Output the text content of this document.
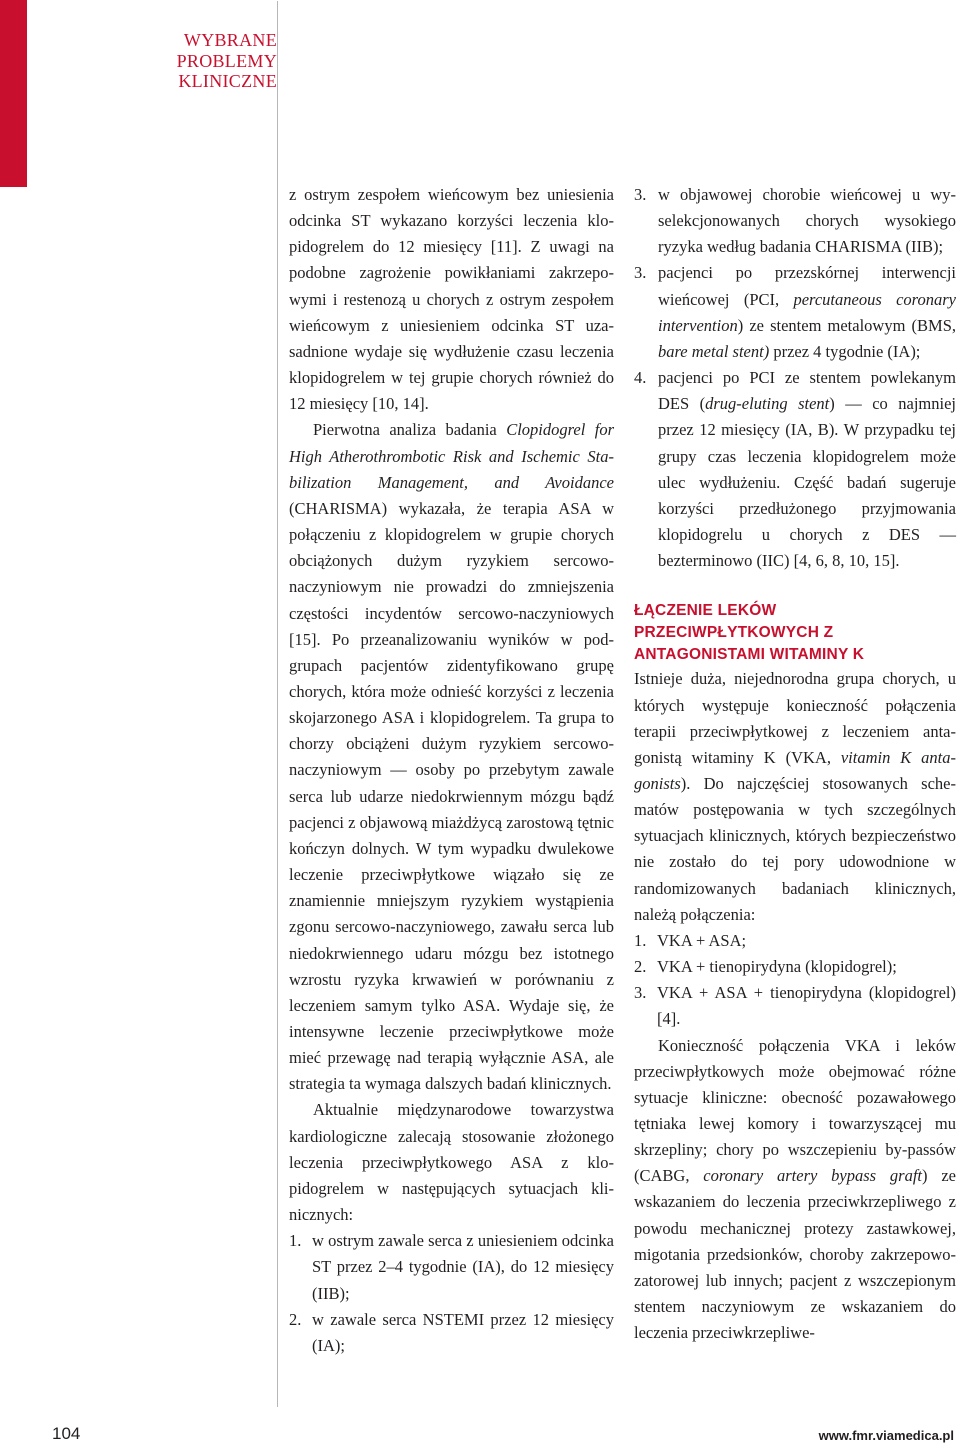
WYBRANE
PROBLEMY
KLINICZNE

z ostrym zespołem wieńcowym bez uniesienia odcinka ST wykazano korzyści leczenia klopidogrelem do 12 miesięcy [11]. Z uwagi na podobne zagrożenie powikłaniami zakrzepowymi i restenozą u chorych z ostrym zespołem wieńcowym z uniesieniem odcinka ST uzasadnione wydaje się wydłużenie czasu leczenia klopidogrelem w tej grupie chorych również do 12 miesięcy [10, 14].

Pierwotna analiza badania Clopidogrel for High Atherothrombotic Risk and Ischemic Stabilization Management, and Avoidance (CHARISMA) wykazała, że terapia ASA w połączeniu z klopidogrelem w grupie chorych obciążonych dużym ryzykiem sercowonaczyniowym nie prowadzi do zmniejszenia częstości incydentów sercowo-naczyniowych [15]. Po przeanalizowaniu wyników w podgrupach pacjentów zidentyfikowano grupę chorych, która może odnieść korzyści z leczenia skojarzonego ASA i klopidogrelem. Ta grupa to chorzy obciążeni dużym ryzykiem sercowo-naczyniowym — osoby po przebytym zawale serca lub udarze niedokrwiennym mózgu bądź pacjenci z objawową miażdżycą zarostową tętnic kończyn dolnych. W tym wypadku dwulekowe leczenie przeciwpłytkowe wiązało się ze znamiennie mniejszym ryzykiem wystąpienia zgonu sercowo-naczyniowego, zawału serca lub niedokrwiennego udaru mózgu bez istotnego wzrostu ryzyka krwawień w porównaniu z leczeniem samym tylko ASA. Wydaje się, że intensywne leczenie przeciwpłytkowe może mieć przewagę nad terapią wyłącznie ASA, ale strategia ta wymaga dalszych badań klinicznych.

Aktualnie międzynarodowe towarzystwa kardiologiczne zalecają stosowanie złożonego leczenia przeciwpłytkowego ASA z klopidogrelem w następujących sytuacjach klinicznych:

1. w ostrym zawale serca z uniesieniem odcinka ST przez 2–4 tygodnie (IA), do 12 miesięcy (IIB);
2. w zawale serca NSTEMI przez 12 miesięcy (IA);
3. w objawowej chorobie wieńcowej u wyselekcjonowanych chorych wysokiego ryzyka według badania CHARISMA (IIB);
3. pacjenci po przezskórnej interwencji wieńcowej (PCI, percutaneous coronary intervention) ze stentem metalowym (BMS, bare metal stent) przez 4 tygodnie (IA);
4. pacjenci po PCI ze stentem powlekanym DES (drug-eluting stent) — co najmniej przez 12 miesięcy (IA, B). W przypadku tej grupy czas leczenia klopidogrelem może ulec wydłużeniu. Część badań sugeruje korzyści przedłużonego przyjmowania klopidogrelu u chorych z DES — bezterminowo (IIC) [4, 6, 8, 10, 15].
ŁĄCZENIE LEKÓW PRZECIWPŁYTKOWYCH Z ANTAGONISTAMI WITAMINY K

Istnieje duża, niejednorodna grupa chorych, u których występuje konieczność połączenia terapii przeciwpłytkowej z leczeniem antagonistą witaminy K (VKA, vitamin K antagonists). Do najczęściej stosowanych schematów postępowania w tych szczególnych sytuacjach klinicznych, których bezpieczeństwo nie zostało do tej pory udowodnione w randomizowanych badaniach klinicznych, należą połączenia:

1. VKA + ASA;
2. VKA + tienopirydyna (klopidogrel);
3. VKA + ASA + tienopirydyna (klopidogrel) [4].

Konieczność połączenia VKA i leków przeciwpłytkowych może obejmować różne sytuacje kliniczne: obecność pozawałowego tętniaka lewej komory i towarzyszącej mu skrzepliny; chory po wszczepieniu by-passów (CABG, coronary artery bypass graft) ze wskazaniem do leczenia przeciwkrzepliwego z powodu mechanicznej protezy zastawkowej, migotania przedsionków, choroby zakrzepowo-zatorowej lub innych; pacjent z wszczepionym stentem naczyniowym ze wskazaniem do leczenia przeciwkrzepliwe-

104	www.fmr.viamedica.pl
